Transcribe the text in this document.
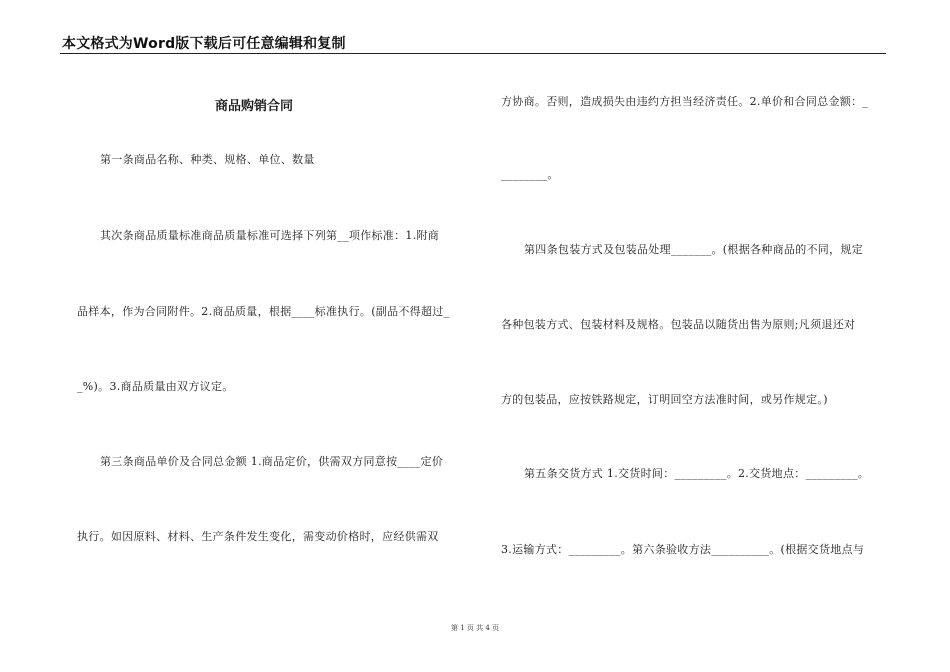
本文格式为Word版下载后可任意编辑和复制
商品购销合同
第一条商品名称、种类、规格、单位、数量
其次条商品质量标准商品质量标准可选择下列第__项作标准：1.附商
品样本，作为合同附件。2.商品质量，根据____标准执行。(副品不得超过_
_%)。3.商品质量由双方议定。
第三条商品单价及合同总金额 1.商品定价，供需双方同意按____定价
执行。如因原料、材料、生产条件发生变化，需变动价格时，应经供需双
方协商。否则，造成损失由违约方担当经济责任。2.单价和合同总金额：_
________。
第四条包装方式及包装品处理_______。(根据各种商品的不同，规定
各种包装方式、包装材料及规格。包装品以随货出售为原则;凡须退还对
方的包装品，应按铁路规定，订明回空方法准时间，或另作规定。)
第五条交货方式 1.交货时间：_________。2.交货地点：_________。
3.运输方式：_________。第六条验收方法__________。(根据交货地点与
第 1 页 共 4 页
